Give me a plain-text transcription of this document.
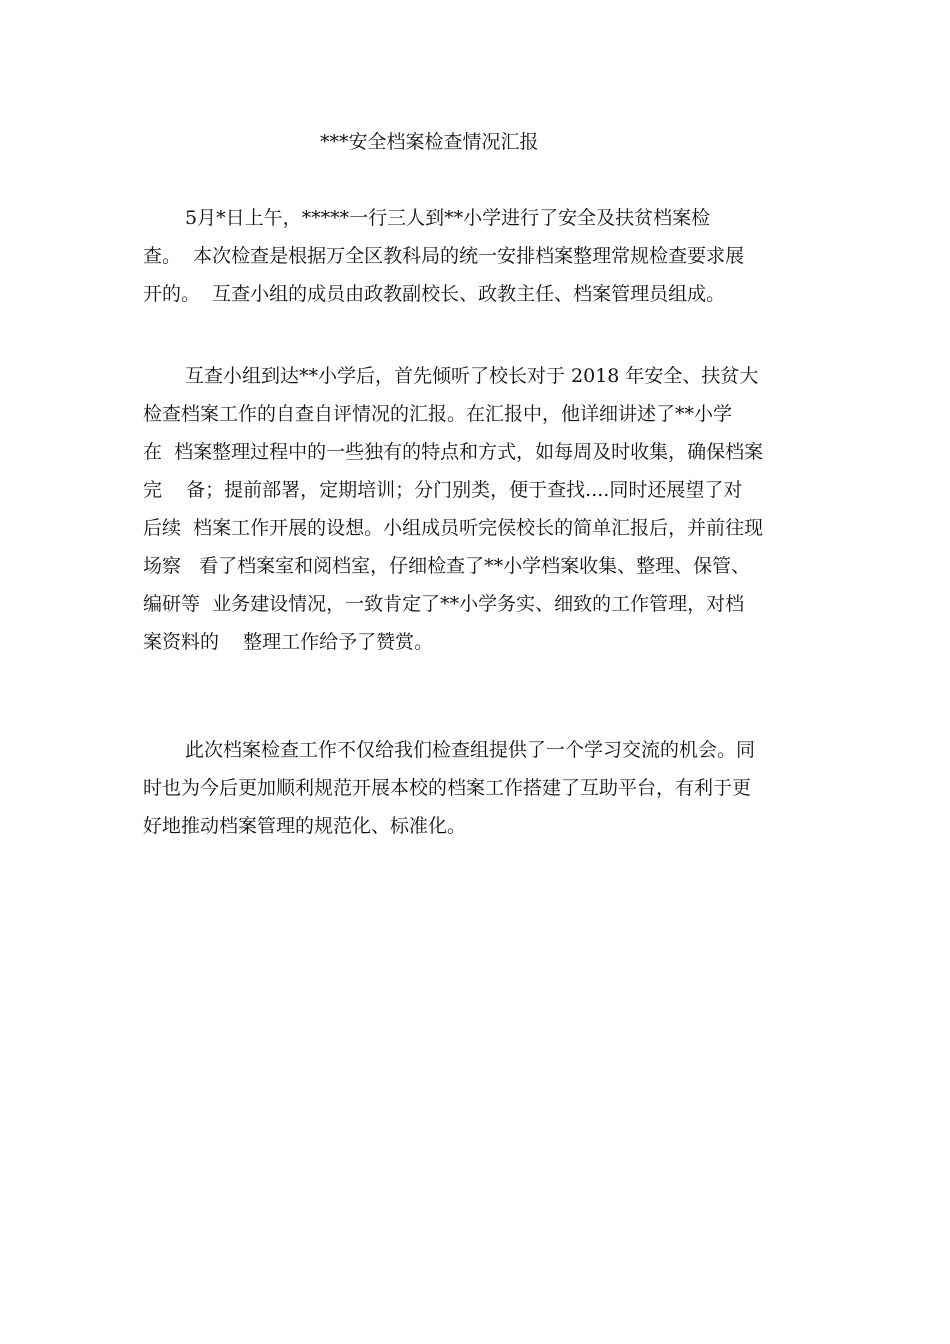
***安全档案检查情况汇报
5月*日上午，*****一行三人到**小学进行了安全及扶贫档案检
查。  本次检查是根据万全区教科局的统一安排档案整理常规检查要求展
开的。  互查小组的成员由政教副校长、政教主任、档案管理员组成。
互查小组到达**小学后，首先倾听了校长对于 2018 年安全、扶贫大
检查档案工作的自查自评情况的汇报。在汇报中，他详细讲述了**小学
在  档案整理过程中的一些独有的特点和方式，如每周及时收集，确保档案
完    备；提前部署，定期培训；分门别类，便于查找....同时还展望了对
后续  档案工作开展的设想。小组成员听完侯校长的简单汇报后，并前往现
场察   看了档案室和阅档室，仔细检查了**小学档案收集、整理、保管、
编研等  业务建设情况，一致肯定了**小学务实、细致的工作管理，对档
案资料的    整理工作给予了赞赏。
此次档案检查工作不仅给我们检查组提供了一个学习交流的机会。同
时也为今后更加顺利规范开展本校的档案工作搭建了互助平台，有利于更
好地推动档案管理的规范化、标准化。
